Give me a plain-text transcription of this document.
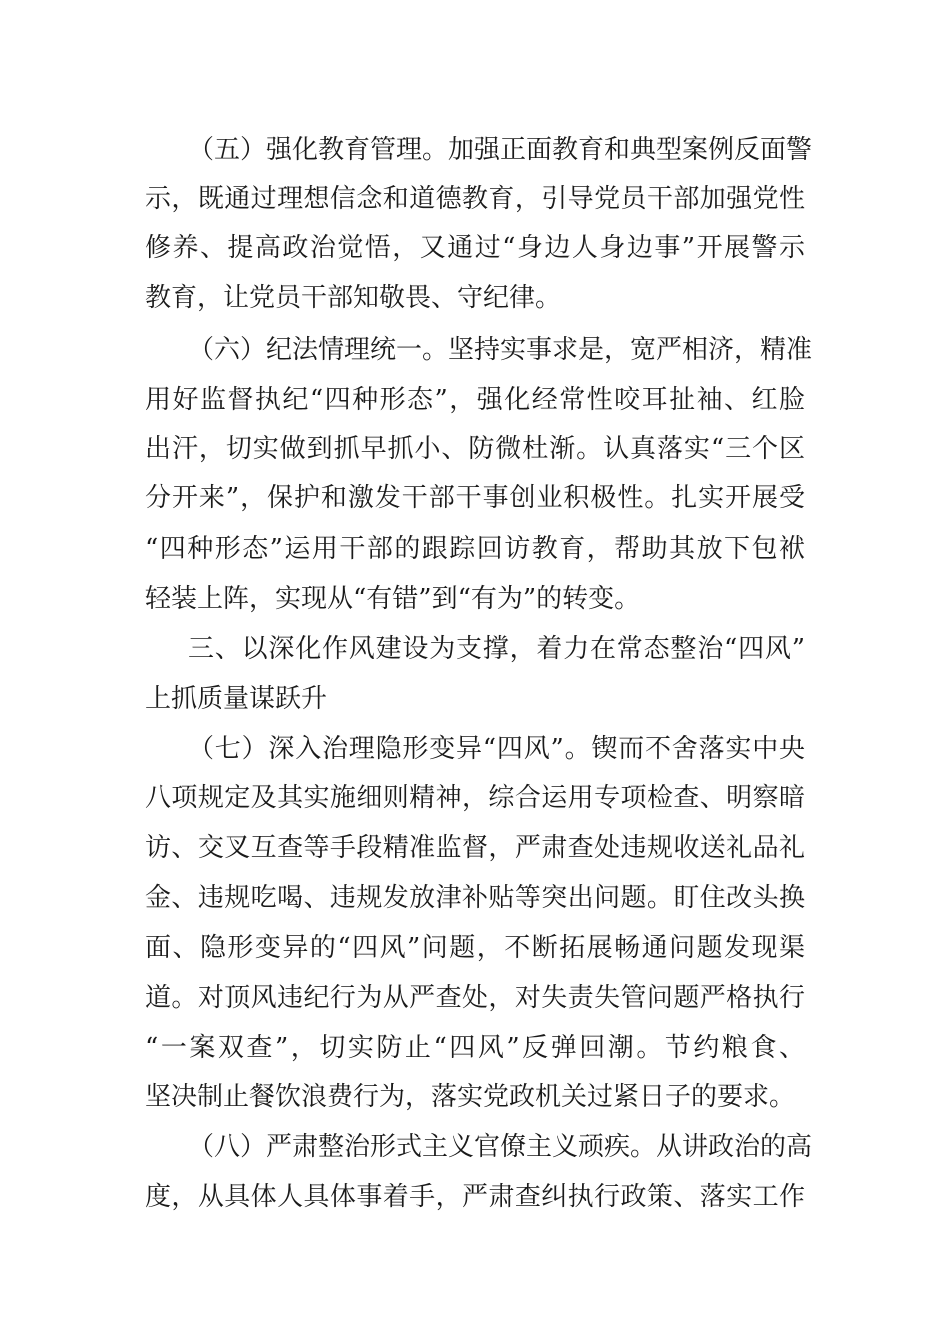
（五）强化教育管理。加强正面教育和典型案例反面警
示，既通过理想信念和道德教育，引导党员干部加强党性
修养、提高政治觉悟，又通过“身边人身边事”开展警示
教育，让党员干部知敬畏、守纪律。
（六）纪法情理统一。坚持实事求是，宽严相济，精准
用好监督执纪“四种形态”，强化经常性咬耳扯袖、红脸
出汗，切实做到抓早抓小、防微杜渐。认真落实“三个区
分开来”，保护和激发干部干事创业积极性。扎实开展受
“四种形态”运用干部的跟踪回访教育，帮助其放下包袱
轻装上阵，实现从“有错”到“有为”的转变。
三、以深化作风建设为支撑，着力在常态整治“四风”
上抓质量谋跃升
（七）深入治理隐形变异“四风”。锲而不舍落实中央
八项规定及其实施细则精神，综合运用专项检查、明察暗
访、交叉互查等手段精准监督，严肃查处违规收送礼品礼
金、违规吃喝、违规发放津补贴等突出问题。盯住改头换
面、隐形变异的“四风”问题，不断拓展畅通问题发现渠
道。对顶风违纪行为从严查处，对失责失管问题严格执行
“一案双查”，切实防止“四风”反弹回潮。节约粮食、
坚决制止餐饮浪费行为，落实党政机关过紧日子的要求。
（八）严肃整治形式主义官僚主义顽疾。从讲政治的高
度，从具体人具体事着手，严肃查纠执行政策、落实工作
